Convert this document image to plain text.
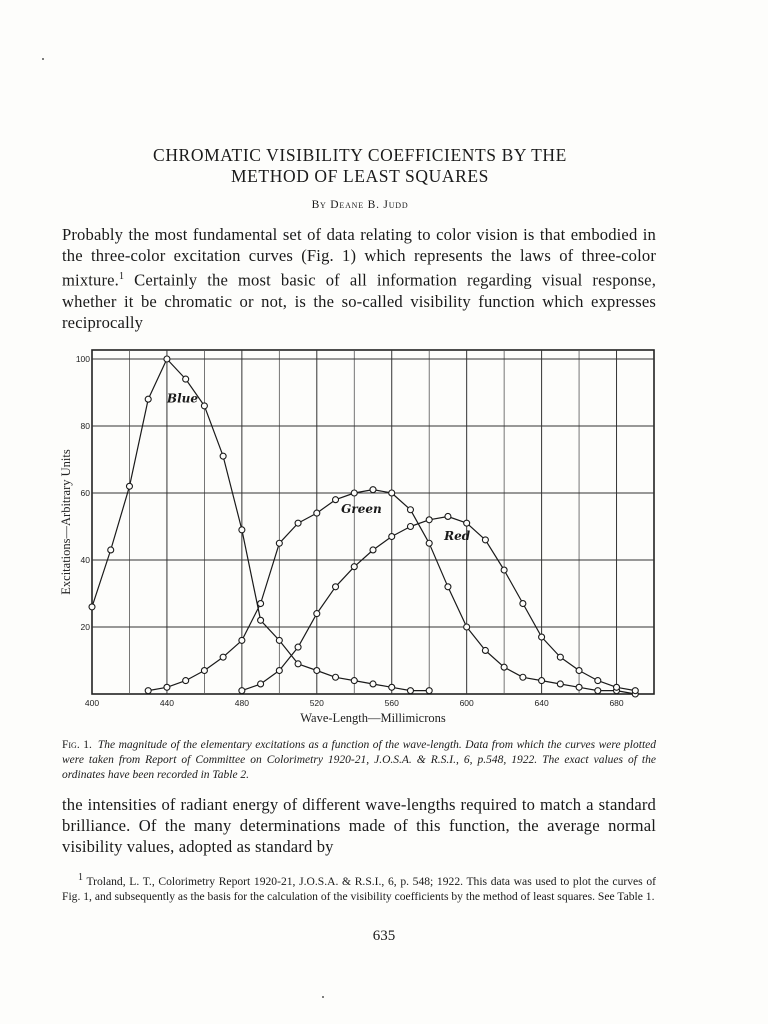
CHROMATIC VISIBILITY COEFFICIENTS BY THE
METHOD OF LEAST SQUARES
By Deane B. Judd
Probably the most fundamental set of data relating to color vision is that embodied in the three-color excitation curves (Fig. 1) which represents the laws of three-color mixture.$^1$ Certainly the most basic of all information regarding visual response, whether it be chromatic or not, is the so-called visibility function which expresses reciprocally
400	440	480	520	560	600	640	680
20
40
60
80
100
Wave-Length—Millimicrons
Excitations—Arbitrary Units
Blue
Green
Red
Fig. 1. The magnitude of the elementary excitations as a function of the wave-length. Data from which the curves were plotted were taken from Report of Committee on Colorimetry 1920-21, J.O.S.A. & R.S.I., 6, p.548, 1922. The exact values of the ordinates have been recorded in Table 2.
the intensities of radiant energy of different wave-lengths required to match a standard brilliance. Of the many determinations made of this function, the average normal visibility values, adopted as standard by
1 Troland, L. T., Colorimetry Report 1920-21, J.O.S.A. & R.S.I., 6, p. 548; 1922. This data was used to plot the curves of Fig. 1, and subsequently as the basis for the calculation of the visibility coefficients by the method of least squares. See Table 1.
635
